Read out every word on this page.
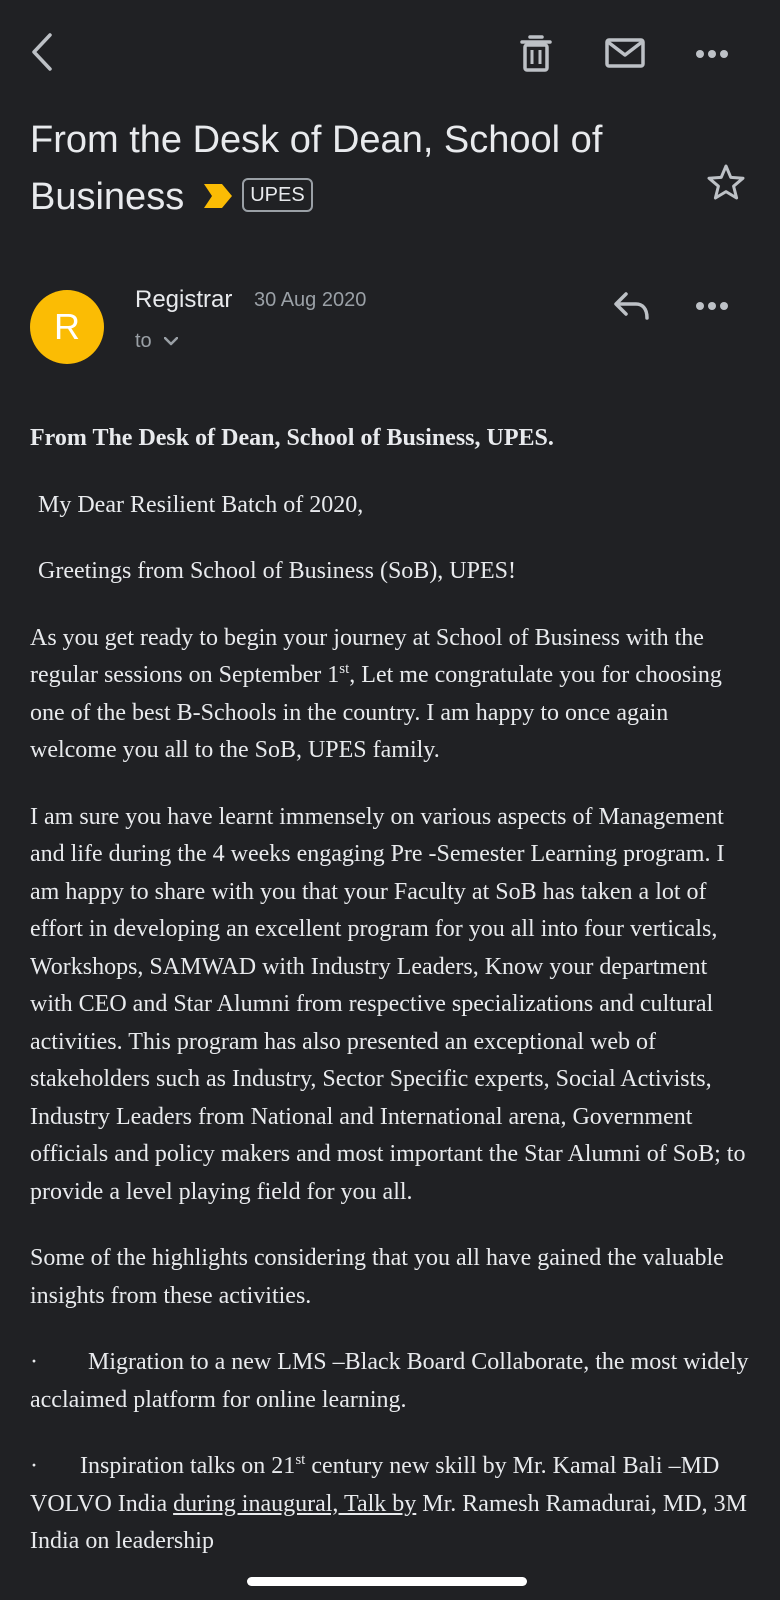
From the Desk of Dean, School of Business	UPES
R
Registrar 30 Aug 2020
to

From The Desk of Dean, School of Business, UPES.

My Dear Resilient Batch of 2020,

Greetings from School of Business (SoB), UPES!

As you get ready to begin your journey at School of Business with the regular sessions on September 1st, Let me congratulate you for choosing one of the best B-Schools in the country. I am happy to once again welcome you all to the SoB, UPES family.

I am sure you have learnt immensely on various aspects of Management and life during the 4 weeks engaging Pre -Semester Learning program. I am happy to share with you that your Faculty at SoB has taken a lot of effort in developing an excellent program for you all into four verticals, Workshops, SAMWAD with Industry Leaders, Know your department with CEO and Star Alumni from respective specializations and cultural activities. This program has also presented an exceptional web of stakeholders such as Industry, Sector Specific experts, Social Activists, Industry Leaders from National and International arena, Government officials and policy makers and most important the Star Alumni of SoB; to provide a level playing field for you all.

Some of the highlights considering that you all have gained the valuable insights from these activities.

· Migration to a new LMS –Black Board Collaborate, the most widely acclaimed platform for online learning.

· Inspiration talks on 21st century new skill by Mr. Kamal Bali –MD VOLVO India during inaugural, Talk by Mr. Ramesh Ramadurai, MD, 3M India on leadership
